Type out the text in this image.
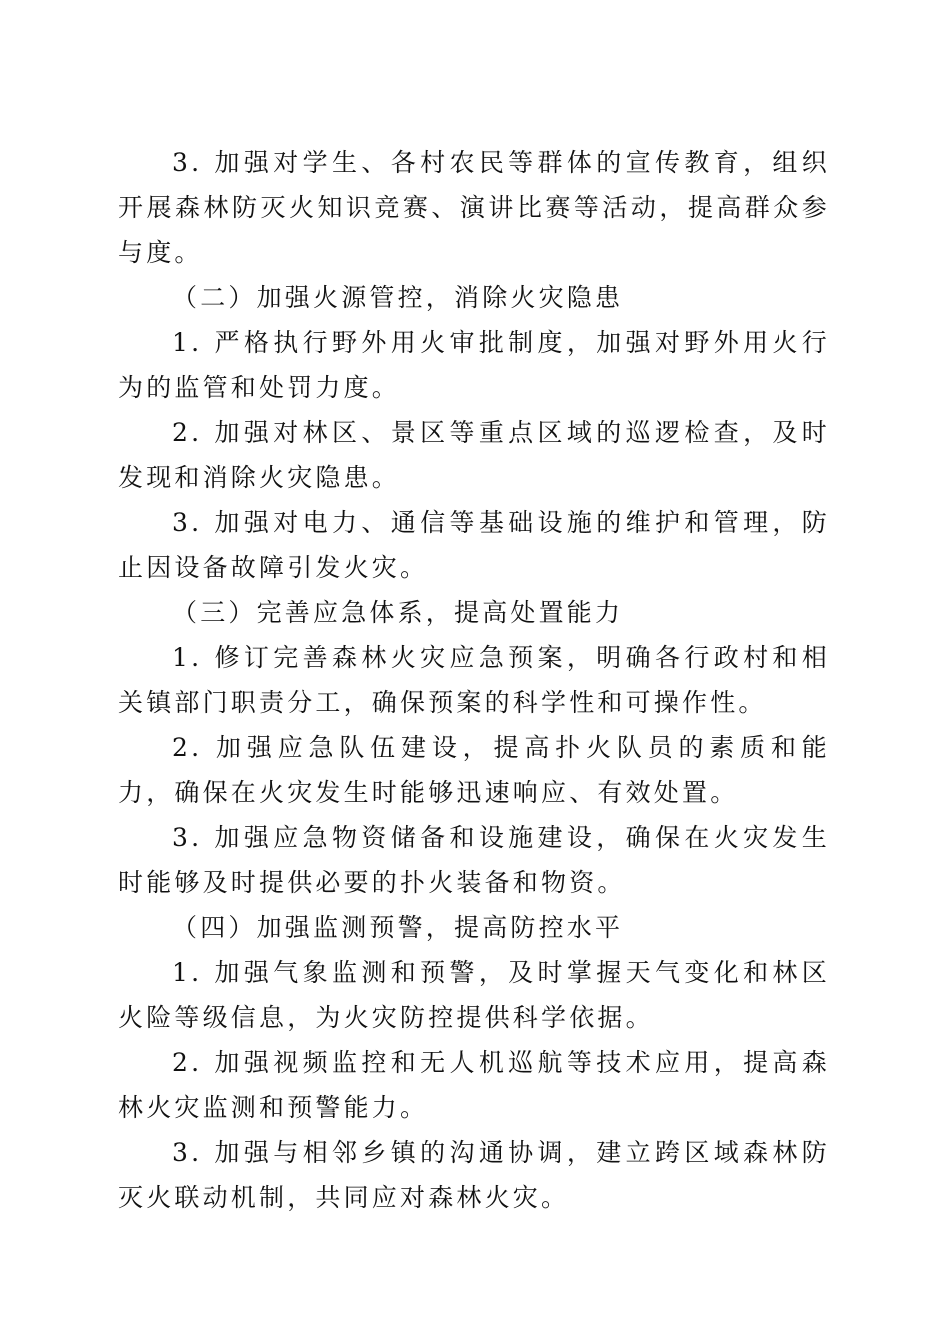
3. 加强对学生、各村农民等群体的宣传教育，组织开展森林防灭火知识竞赛、演讲比赛等活动，提高群众参与度。

（二）加强火源管控，消除火灾隐患

1. 严格执行野外用火审批制度，加强对野外用火行为的监管和处罚力度。

2. 加强对林区、景区等重点区域的巡逻检查，及时发现和消除火灾隐患。

3. 加强对电力、通信等基础设施的维护和管理，防止因设备故障引发火灾。

（三）完善应急体系，提高处置能力

1. 修订完善森林火灾应急预案，明确各行政村和相关镇部门职责分工，确保预案的科学性和可操作性。

2. 加强应急队伍建设，提高扑火队员的素质和能力，确保在火灾发生时能够迅速响应、有效处置。

3. 加强应急物资储备和设施建设，确保在火灾发生时能够及时提供必要的扑火装备和物资。

（四）加强监测预警，提高防控水平

1. 加强气象监测和预警，及时掌握天气变化和林区火险等级信息，为火灾防控提供科学依据。

2. 加强视频监控和无人机巡航等技术应用，提高森林火灾监测和预警能力。

3. 加强与相邻乡镇的沟通协调，建立跨区域森林防灭火联动机制，共同应对森林火灾。
